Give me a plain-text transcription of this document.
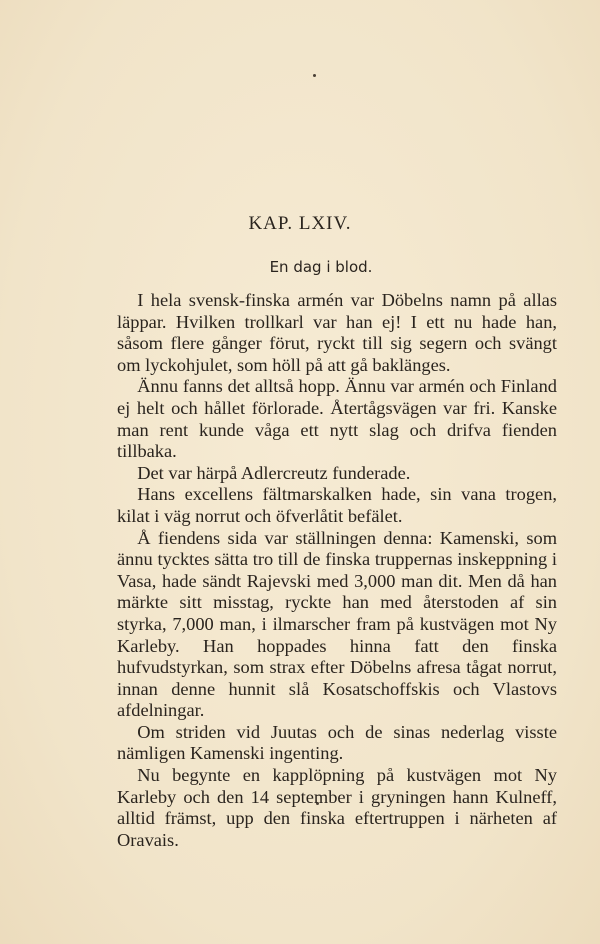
KAP. LXIV.
En dag i blod.

I hela svensk-finska armén var Döbelns namn på allas läppar. Hvilken trollkarl var han ej! I ett nu hade han, såsom flere gånger förut, ryckt till sig segern och svängt om lyckohjulet, som höll på att gå baklänges.

Ännu fanns det alltså hopp. Ännu var armén och Finland ej helt och hållet förlorade. Återtågsvägen var fri. Kanske man rent kunde våga ett nytt slag och drifva fienden tillbaka.

Det var härpå Adlercreutz funderade.

Hans excellens fältmarskalken hade, sin vana trogen, kilat i väg norrut och öfverlåtit befälet.

Å fiendens sida var ställningen denna: Kamenski, som ännu tycktes sätta tro till de finska truppernas inskeppning i Vasa, hade sändt Rajevski med 3,000 man dit. Men då han märkte sitt misstag, ryckte han med återstoden af sin styrka, 7,000 man, i ilmarscher fram på kustvägen mot Ny Karleby. Han hoppades hinna fatt den finska hufvudstyrkan, som strax efter Döbelns afresa tågat norrut, innan denne hunnit slå Kosatschoffskis och Vlastovs afdelningar.

Om striden vid Juutas och de sinas nederlag visste nämligen Kamenski ingenting.

Nu begynte en kapplöpning på kustvägen mot Ny Karleby och den 14 september i gryningen hann Kulneff, alltid främst, upp den finska eftertruppen i närheten af Oravais.
